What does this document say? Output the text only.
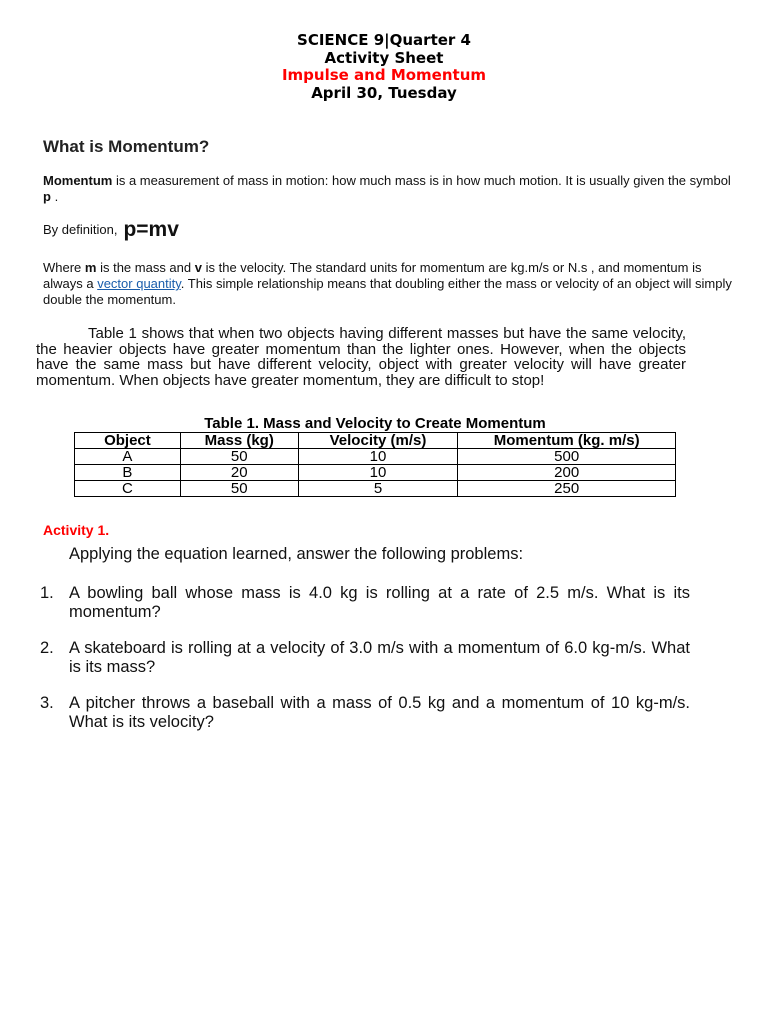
SCIENCE 9|Quarter 4
Activity Sheet
Impulse and Momentum
April 30, Tuesday
What is Momentum?
Momentum is a measurement of mass in motion: how much mass is in how much motion. It is usually given the symbol p .
By definition, p=mv
Where m is the mass and v is the velocity. The standard units for momentum are kg.m/s or N.s , and momentum is always a vector quantity. This simple relationship means that doubling either the mass or velocity of an object will simply double the momentum.
Table 1 shows that when two objects having different masses but have the same velocity, the heavier objects have greater momentum than the lighter ones. However, when the objects have the same mass but have different velocity, object with greater velocity will have greater momentum. When objects have greater momentum, they are difficult to stop!
Table 1. Mass and Velocity to Create Momentum
Object	Mass (kg)	Velocity (m/s)	Momentum (kg. m/s)
A	50	10	500
B	20	10	200
C	50	5	250
Activity 1.
Applying the equation learned, answer the following problems:
1. A bowling ball whose mass is 4.0 kg is rolling at a rate of 2.5 m/s. What is its momentum?
2. A skateboard is rolling at a velocity of 3.0 m/s with a momentum of 6.0 kg-m/s. What is its mass?
3. A pitcher throws a baseball with a mass of 0.5 kg and a momentum of 10 kg-m/s. What is its velocity?
